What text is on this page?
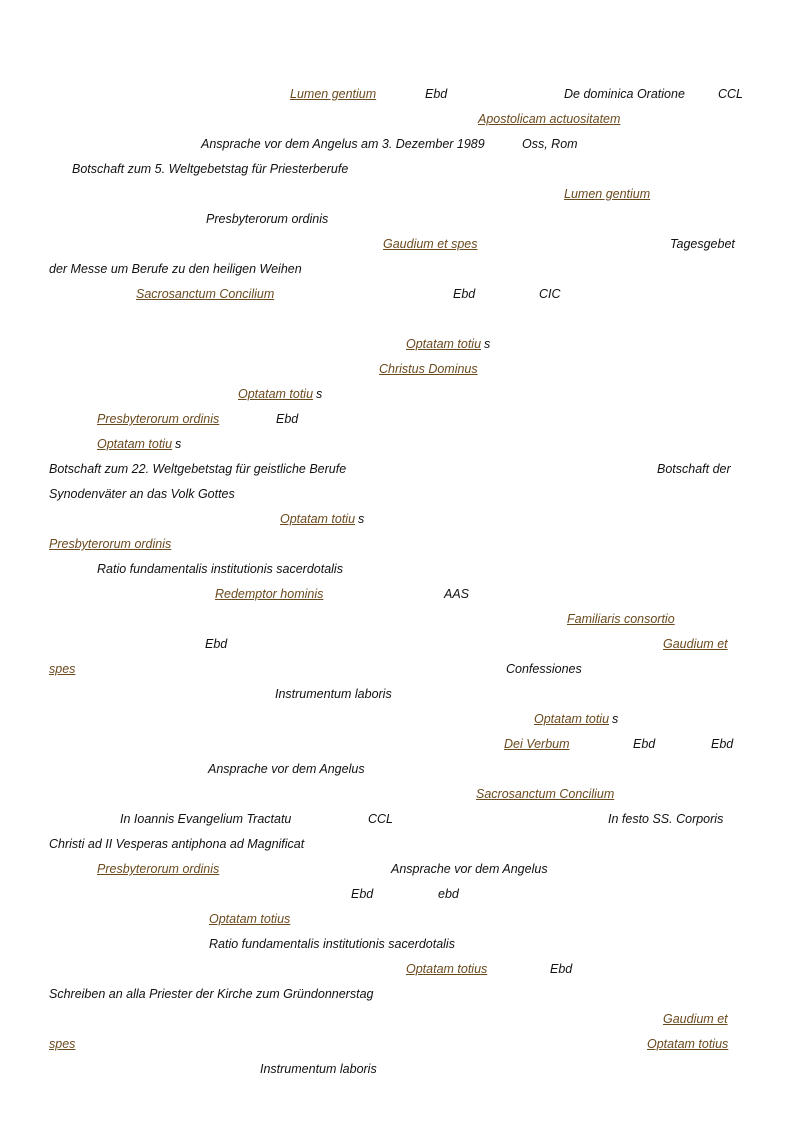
Lumen gentium	Ebd	De dominica Oratione	CCL
Apostolicam actuositatem
Ansprache vor dem Angelus am 3. Dezember 1989	Oss, Rom
Botschaft zum 5. Weltgebetstag für Priesterberufe
Lumen gentium
Presbyterorum ordinis
Gaudium et spes	Tagesgebet
der Messe um Berufe zu den heiligen Weihen
Sacrosanctum Concilium	Ebd	CIC
Optatam totiu s
Christus Dominus
Optatam totiu s
Presbyterorum ordinis	Ebd
Optatam totiu s
Botschaft zum 22. Weltgebetstag für geistliche Berufe	Botschaft der
Synodenväter an das Volk Gottes
Optatam totiu s
Presbyterorum ordinis
Ratio fundamentalis institutionis sacerdotalis
Redemptor hominis	AAS
Familiaris consortio
Ebd	Gaudium et
spes	Confessiones
Instrumentum laboris
Optatam totiu s
Dei Verbum	Ebd	Ebd
Ansprache vor dem Angelus
Sacrosanctum Concilium
In Ioannis Evangelium Tractatu	CCL	In festo SS. Corporis
Christi ad II Vesperas antiphona ad Magnificat
Presbyterorum ordinis	Ansprache vor dem Angelus
Ebd	ebd
Optatam totius
Ratio fundamentalis institutionis sacerdotalis
Optatam totius	Ebd
Schreiben an alla Priester der Kirche zum Gründonnerstag
Gaudium et
spes	Optatam totius
Instrumentum laboris
